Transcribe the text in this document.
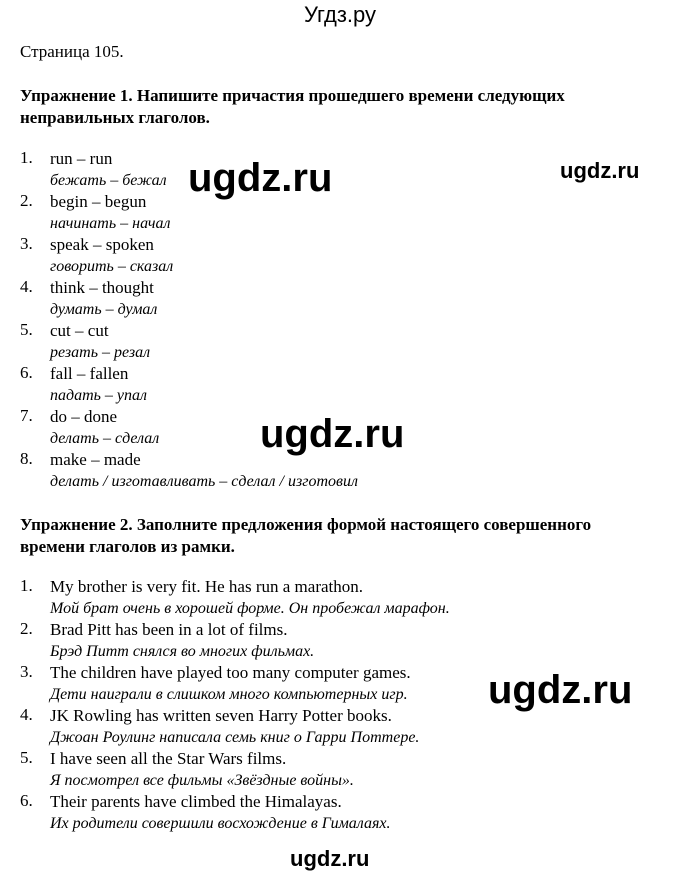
Угдз.ру
Страница 105.
Упражнение 1. Напишите причастия прошедшего времени следующих неправильных глаголов.
1.	run – run
бежать – бежал
2.	begin – begun
начинать – начал
3.	speak – spoken
говорить – сказал
4.	think – thought
думать – думал
5.	cut – cut
резать – резал
6.	fall – fallen
падать – упал
7.	do – done
делать – сделал
8.	make – made
делать / изготавливать – сделал / изготовил
Упражнение 2. Заполните предложения формой настоящего совершенного времени глаголов из рамки.
1.	My brother is very fit. He has run a marathon.
Мой брат очень в хорошей форме. Он пробежал марафон.
2.	Brad Pitt has been in a lot of films.
Брэд Питт снялся во многих фильмах.
3.	The children have played too many computer games.
Дети наиграли в слишком много компьютерных игр.
4.	JK Rowling has written seven Harry Potter books.
Джоан Роулинг написала семь книг о Гарри Поттере.
5.	I have seen all the Star Wars films.
Я посмотрел все фильмы «Звёздные войны».
6.	Their parents have climbed the Himalayas.
Их родители совершили восхождение в Гималаях.
ugdz.ru	ugdz.ru
ugdz.ru
ugdz.ru
ugdz.ru
